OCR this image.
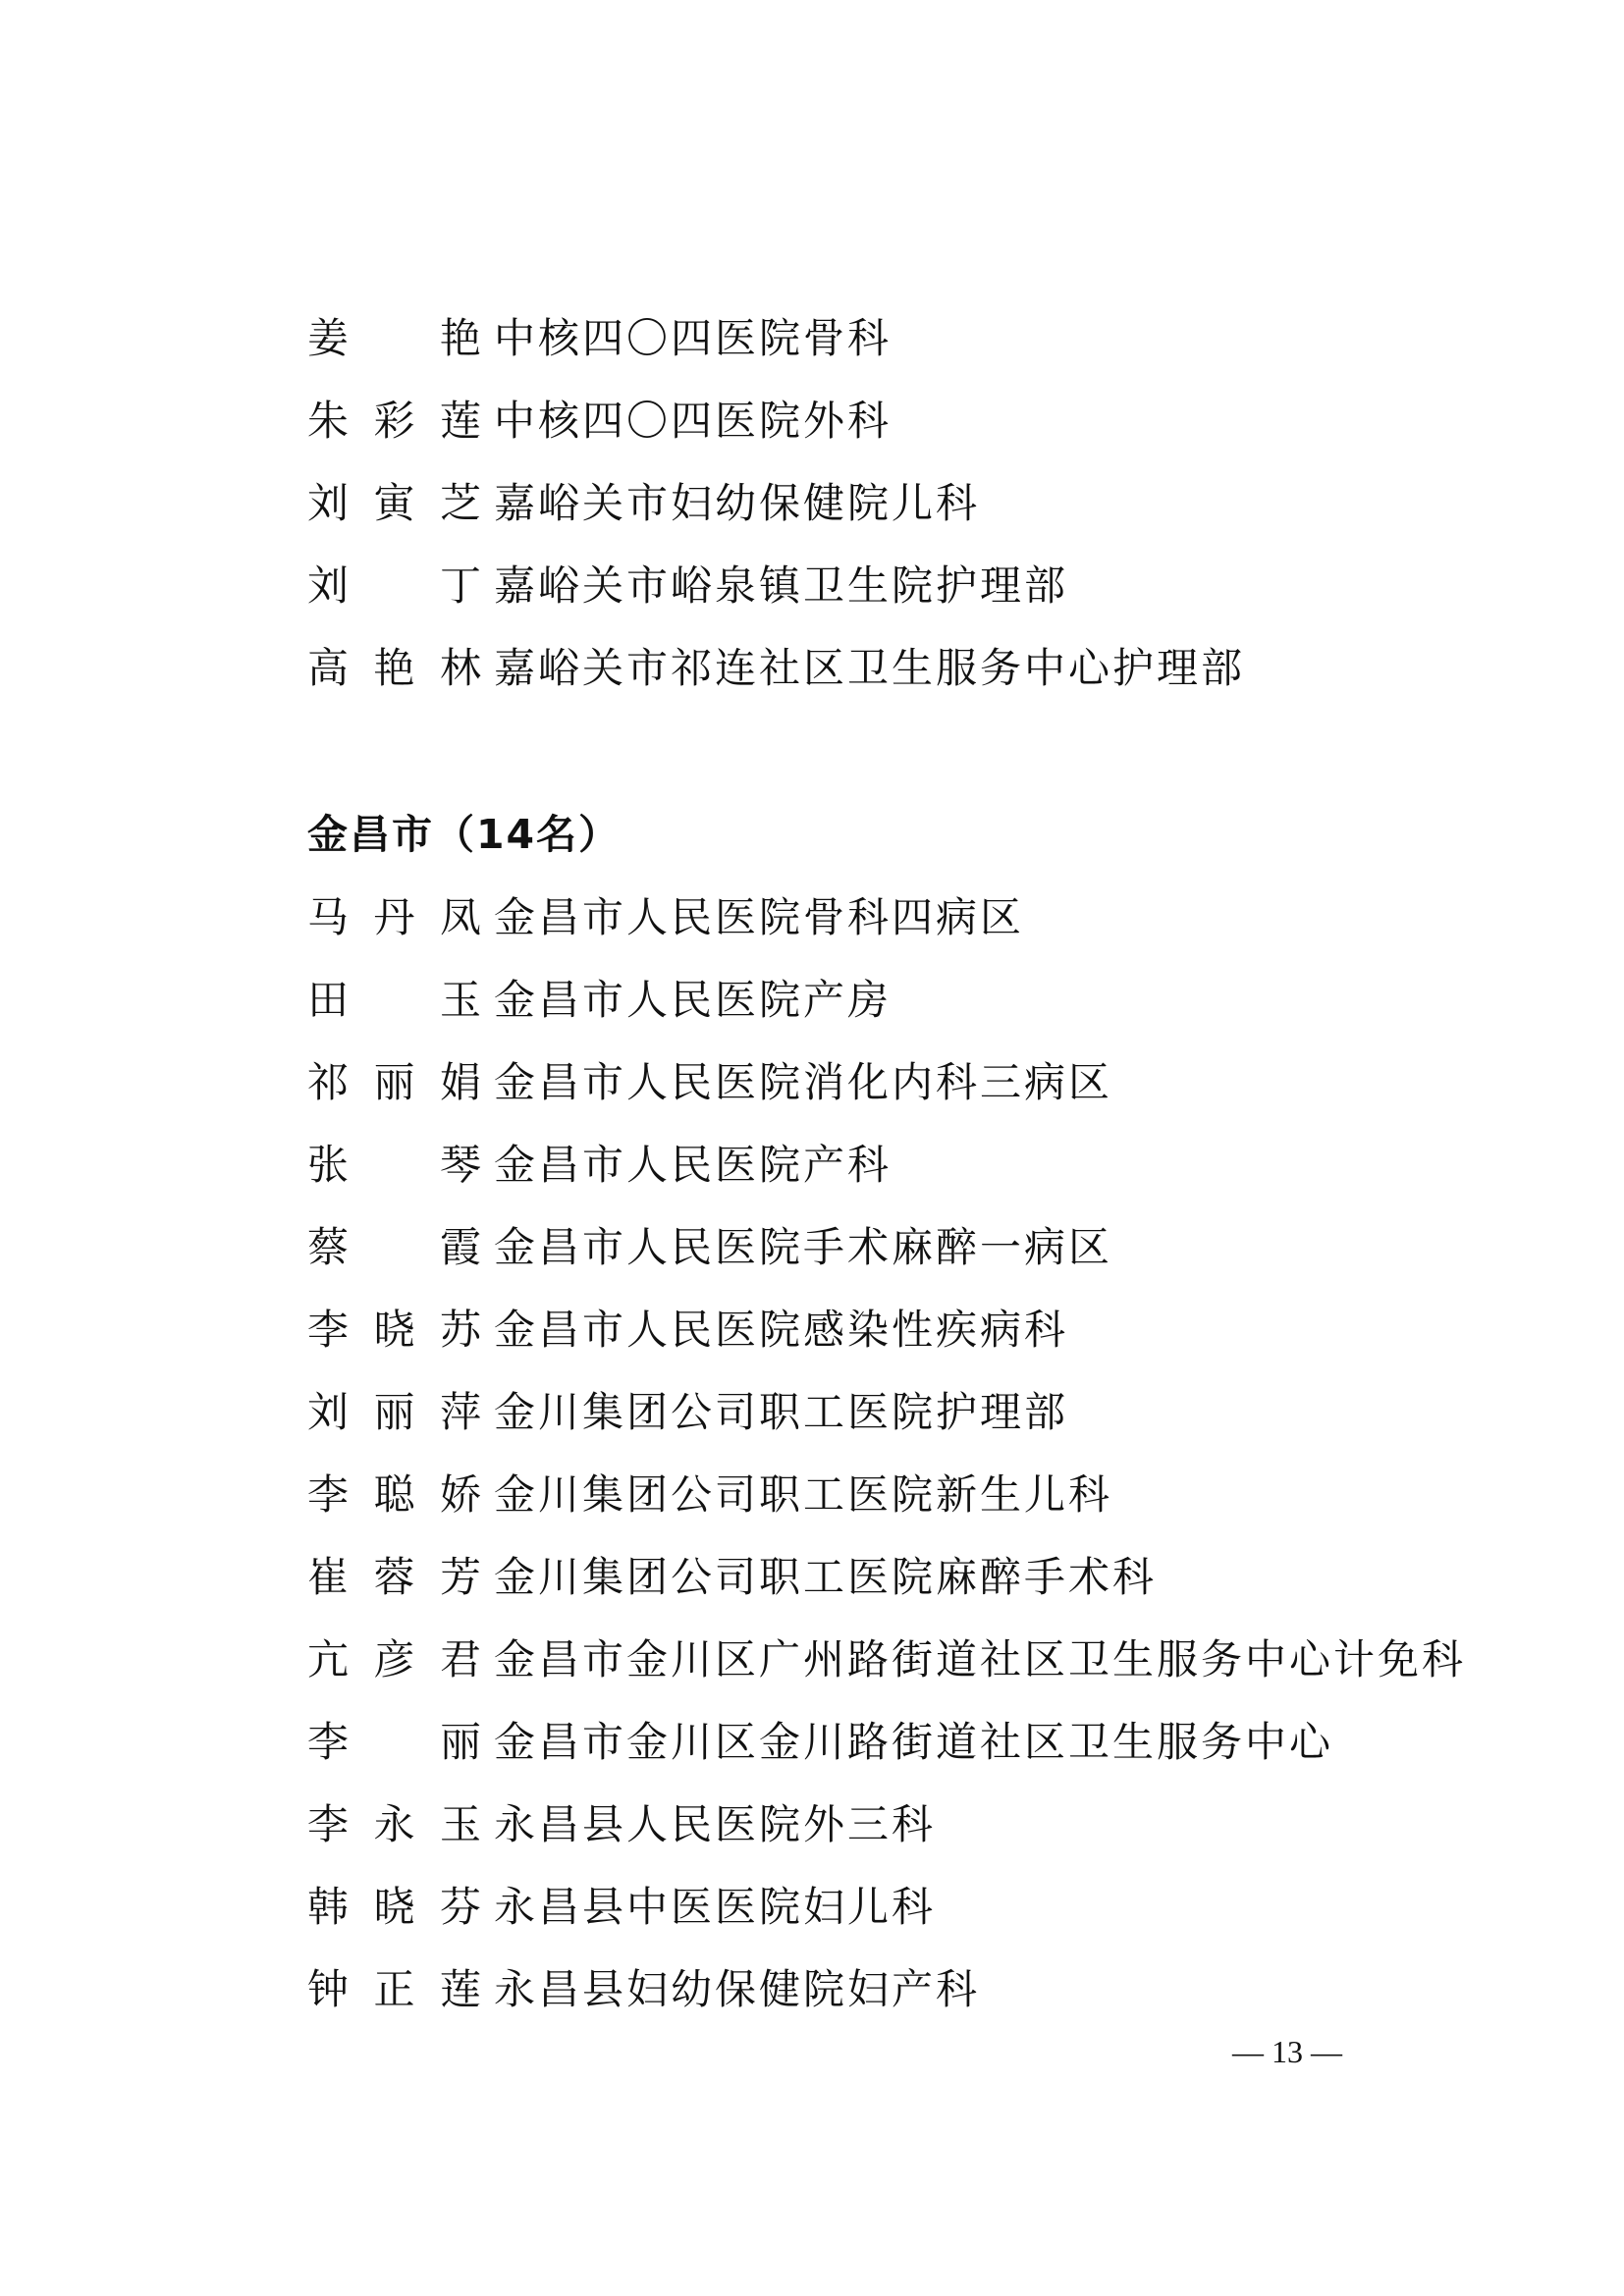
姜　艳 中核四〇四医院骨科
朱彩莲 中核四〇四医院外科
刘寅芝 嘉峪关市妇幼保健院儿科
刘　丁 嘉峪关市峪泉镇卫生院护理部
高艳林 嘉峪关市祁连社区卫生服务中心护理部
金昌市（14名）
马丹凤 金昌市人民医院骨科四病区
田　玉 金昌市人民医院产房
祁丽娟 金昌市人民医院消化内科三病区
张　琴 金昌市人民医院产科
蔡　霞 金昌市人民医院手术麻醉一病区
李晓苏 金昌市人民医院感染性疾病科
刘丽萍 金川集团公司职工医院护理部
李聪娇 金川集团公司职工医院新生儿科
崔蓉芳 金川集团公司职工医院麻醉手术科
亢彦君 金昌市金川区广州路街道社区卫生服务中心计免科
李　丽 金昌市金川区金川路街道社区卫生服务中心
李永玉 永昌县人民医院外三科
韩晓芬 永昌县中医医院妇儿科
钟正莲 永昌县妇幼保健院妇产科
— 13 —
